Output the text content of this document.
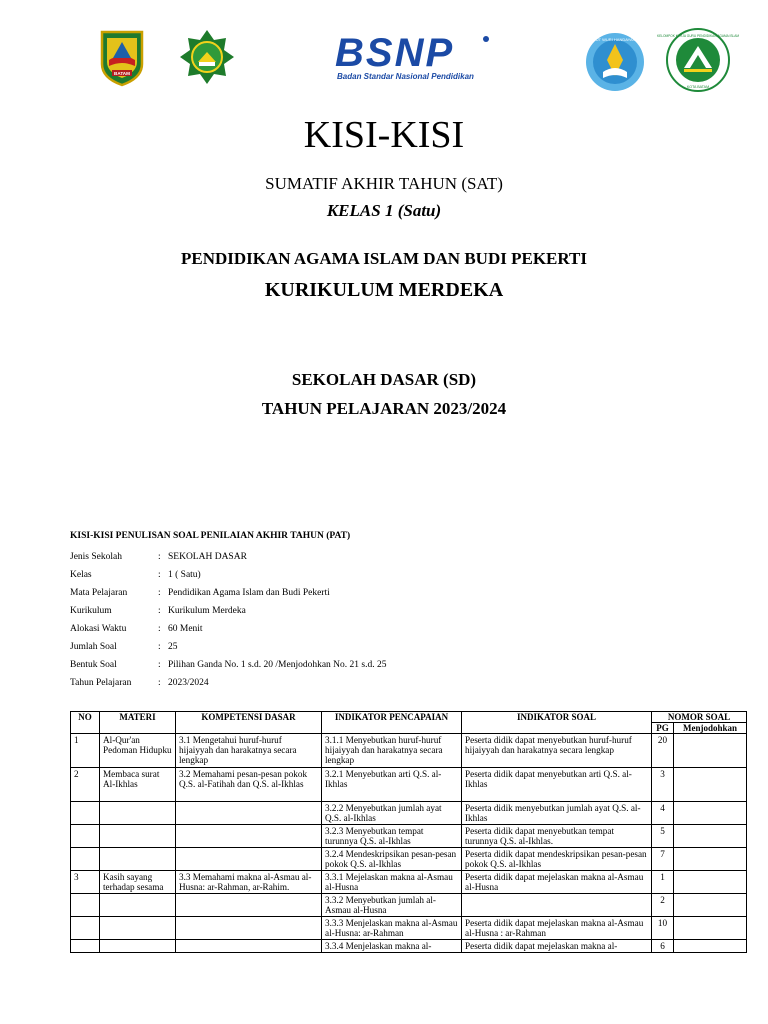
BATAM	BSNP
Badan Standar Nasional Pendidikan
TUT WURI HANDAYANI
KELOMPOK KERJA GURU PENDIDIKAN AGAMA ISLAM
KOTA BATAM
KISI-KISI
SUMATIF AKHIR TAHUN (SAT)
KELAS 1 (Satu)
PENDIDIKAN AGAMA ISLAM DAN BUDI PEKERTI
KURIKULUM MERDEKA
SEKOLAH DASAR (SD)
TAHUN PELAJARAN 2023/2024
KISI-KISI PENULISAN SOAL PENILAIAN AKHIR TAHUN (PAT)
Jenis Sekolah	: SEKOLAH DASAR
Kelas	: 1 ( Satu)
Mata Pelajaran	: Pendidikan Agama Islam dan Budi Pekerti
Kurikulum	: Kurikulum Merdeka
Alokasi Waktu	: 60 Menit
Jumlah Soal	: 25
Bentuk Soal	: Pilihan Ganda No. 1 s.d. 20 /Menjodohkan No. 21 s.d. 25
Tahun Pelajaran	: 2023/2024
NO	MATERI	KOMPETENSI DASAR	INDIKATOR PENCAPAIAN	INDIKATOR SOAL	NOMOR SOAL	
					PG	Menjodohkan
1	Al-Qur'an Pedoman Hidupku	3.1 Mengetahui huruf-huruf hijaiyyah dan harakatnya secara lengkap	3.1.1 Menyebutkan huruf-huruf hijaiyyah dan harakatnya secara lengkap	Peserta didik dapat menyebutkan huruf-huruf hijaiyyah dan harakatnya secara lengkap	20	
2	Membaca surat Al-Ikhlas	3.2 Memahami pesan-pesan pokok Q.S. al-Fatihah dan Q.S. al-Ikhlas	3.2.1 Menyebutkan arti Q.S. al-Ikhlas	Peserta didik dapat menyebutkan arti Q.S. al-Ikhlas	3	
			3.2.2 Menyebutkan jumlah ayat Q.S. al-Ikhlas	Peserta didik menyebutkan jumlah ayat Q.S. al-Ikhlas	4	
			3.2.3 Menyebutkan tempat turunnya Q.S. al-Ikhlas	Peserta didik dapat menyebutkan tempat turunnya Q.S. al-Ikhlas.	5	
			3.2.4 Mendeskripsikan pesan-pesan pokok Q.S. al-Ikhlas	Peserta didik dapat mendeskripsikan pesan-pesan pokok Q.S. al-Ikhlas	7	
3	Kasih sayang terhadap sesama	3.3 Memahami makna al-Asmau al-Husna: ar-Rahman, ar-Rahim.	3.3.1 Mejelaskan makna al-Asmau al-Husna	Peserta didik dapat mejelaskan makna al-Asmau al-Husna	1	
			3.3.2 Menyebutkan jumlah al-Asmau al-Husna		2	
			3.3.3 Menjelaskan makna al-Asmau al-Husna: ar-Rahman	Peserta didik dapat mejelaskan makna al-Asmau al-Husna : ar-Rahman	10	
			3.3.4 Menjelaskan makna al-	Peserta didik dapat mejelaskan makna al-	6	
